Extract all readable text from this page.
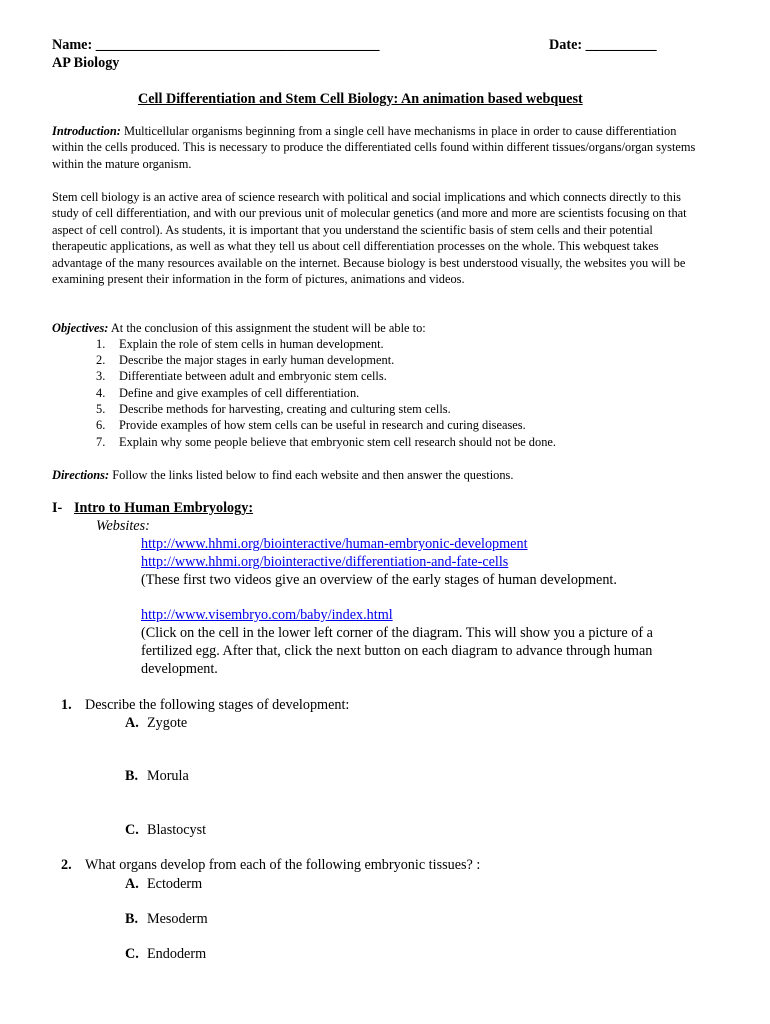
Name: ________________________________________	Date: __________
AP Biology
Cell Differentiation and Stem Cell Biology: An animation based webquest
Introduction: Multicellular organisms beginning from a single cell have mechanisms in place in order to cause differentiation within the cells produced. This is necessary to produce the differentiated cells found within different tissues/organs/organ systems within the mature organism.
Stem cell biology is an active area of science research with political and social implications and which connects directly to this study of cell differentiation, and with our previous unit of molecular genetics (and more and more are scientists focusing on that aspect of cell control). As students, it is important that you understand the scientific basis of stem cells and their potential therapeutic applications, as well as what they tell us about cell differentiation processes on the whole. This webquest takes advantage of the many resources available on the internet. Because biology is best understood visually, the websites you will be examining present their information in the form of pictures, animations and videos.
Objectives: At the conclusion of this assignment the student will be able to:
1. Explain the role of stem cells in human development.
2. Describe the major stages in early human development.
3. Differentiate between adult and embryonic stem cells.
4. Define and give examples of cell differentiation.
5. Describe methods for harvesting, creating and culturing stem cells.
6. Provide examples of how stem cells can be useful in research and curing diseases.
7. Explain why some people believe that embryonic stem cell research should not be done.
Directions: Follow the links listed below to find each website and then answer the questions.
I- Intro to Human Embryology:
Websites:
http://www.hhmi.org/biointeractive/human-embryonic-development
http://www.hhmi.org/biointeractive/differentiation-and-fate-cells
(These first two videos give an overview of the early stages of human development.
http://www.visembryo.com/baby/index.html
(Click on the cell in the lower left corner of the diagram. This will show you a picture of a
fertilized egg. After that, click the next button on each diagram to advance through human
development.
1. Describe the following stages of development:
A. Zygote
B. Morula
C. Blastocyst
2. What organs develop from each of the following embryonic tissues? :
A. Ectoderm
B. Mesoderm
C. Endoderm
